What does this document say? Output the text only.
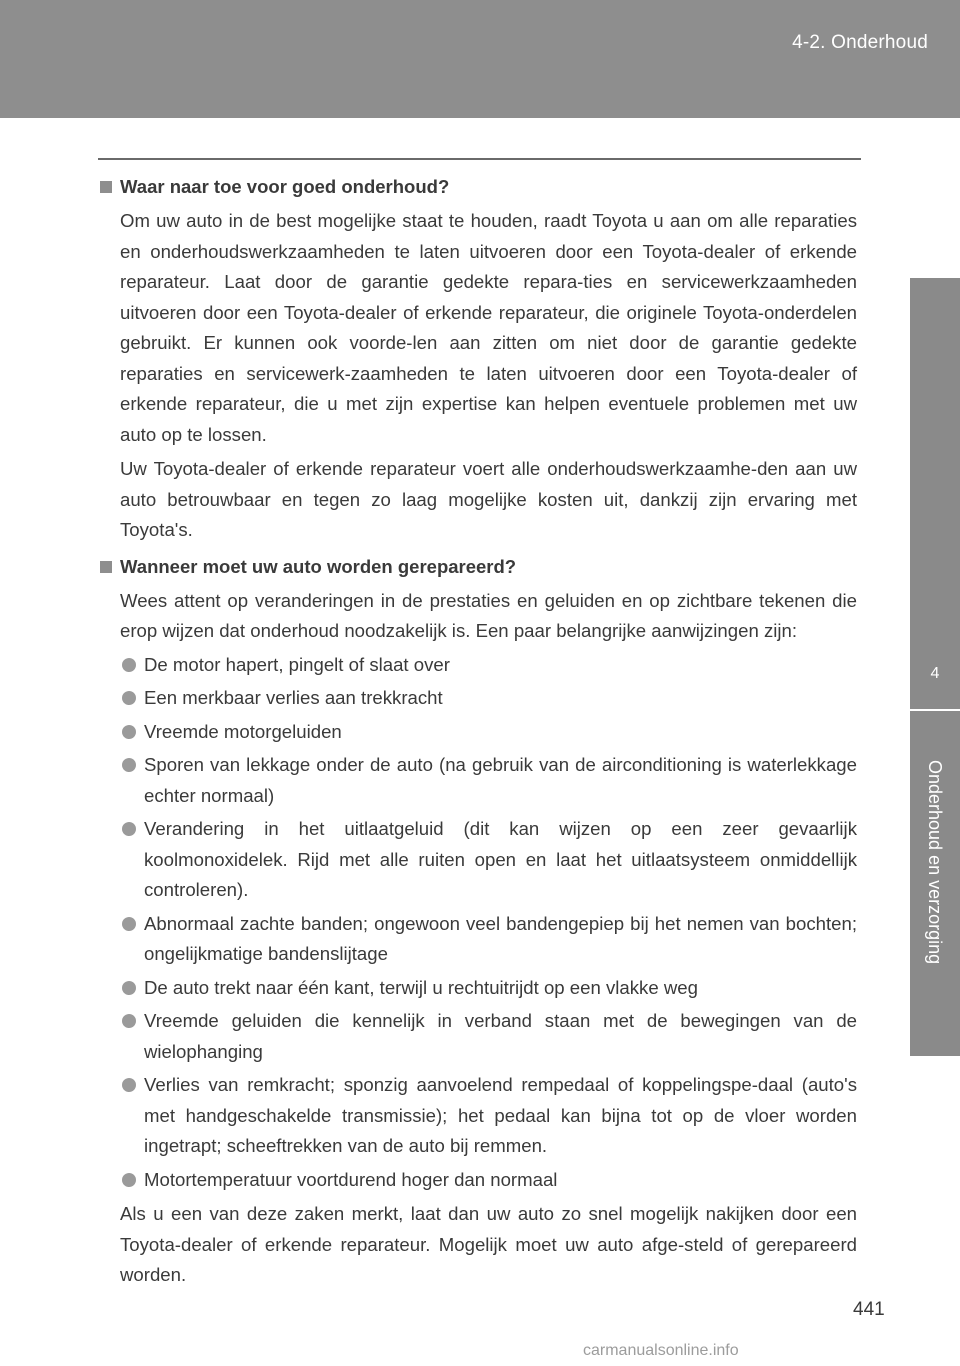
4-2. Onderhoud
4
Onderhoud en verzorging
Waar naar toe voor goed onderhoud?

Om uw auto in de best mogelijke staat te houden, raadt Toyota u aan om alle reparaties en onderhoudswerkzaamheden te laten uitvoeren door een Toyota-dealer of erkende reparateur. Laat door de garantie gedekte repara-ties en servicewerkzaamheden uitvoeren door een Toyota-dealer of erkende reparateur, die originele Toyota-onderdelen gebruikt. Er kunnen ook voorde-len aan zitten om niet door de garantie gedekte reparaties en servicewerk-zaamheden te laten uitvoeren door een Toyota-dealer of erkende reparateur, die u met zijn expertise kan helpen eventuele problemen met uw auto op te lossen.

Uw Toyota-dealer of erkende reparateur voert alle onderhoudswerkzaamhe-den aan uw auto betrouwbaar en tegen zo laag mogelijke kosten uit, dankzij zijn ervaring met Toyota's.

Wanneer moet uw auto worden gerepareerd?

Wees attent op veranderingen in de prestaties en geluiden en op zichtbare tekenen die erop wijzen dat onderhoud noodzakelijk is. Een paar belangrijke aanwijzingen zijn:

De motor hapert, pingelt of slaat over
Een merkbaar verlies aan trekkracht
Vreemde motorgeluiden
Sporen van lekkage onder de auto (na gebruik van de airconditioning is waterlekkage echter normaal)
Verandering in het uitlaatgeluid (dit kan wijzen op een zeer gevaarlijk koolmonoxidelek. Rijd met alle ruiten open en laat het uitlaatsysteem onmiddellijk controleren).
Abnormaal zachte banden; ongewoon veel bandengepiep bij het nemen van bochten; ongelijkmatige bandenslijtage
De auto trekt naar één kant, terwijl u rechtuitrijdt op een vlakke weg
Vreemde geluiden die kennelijk in verband staan met de bewegingen van de wielophanging
Verlies van remkracht; sponzig aanvoelend rempedaal of koppelingspe-daal (auto's met handgeschakelde transmissie); het pedaal kan bijna tot op de vloer worden ingetrapt; scheeftrekken van de auto bij remmen.
Motortemperatuur voortdurend hoger dan normaal

Als u een van deze zaken merkt, laat dan uw auto zo snel mogelijk nakijken door een Toyota-dealer of erkende reparateur. Mogelijk moet uw auto afge-steld of gerepareerd worden.

441
carmanualsonline.info
